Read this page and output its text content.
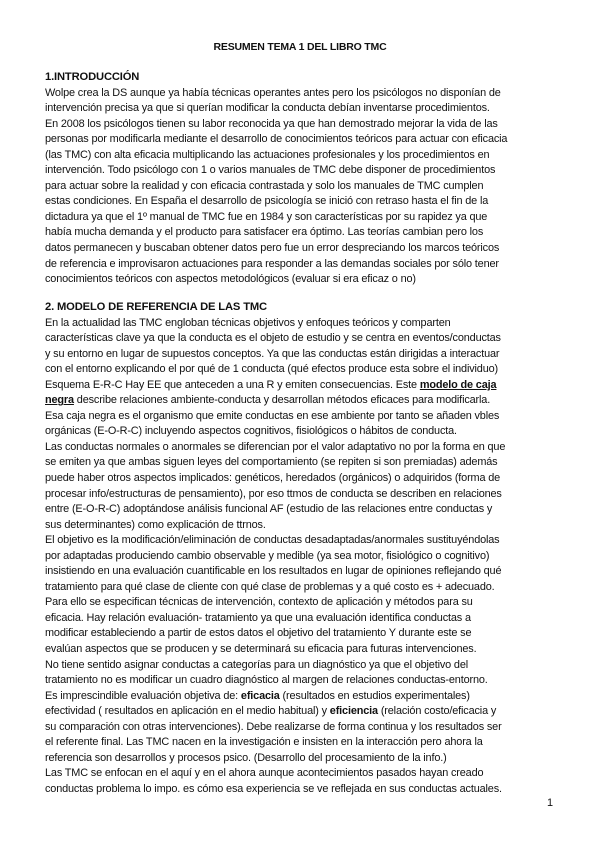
RESUMEN TEMA 1 DEL LIBRO TMC

1.INTRODUCCIÓN

Wolpe crea la DS aunque ya había técnicas operantes antes pero los psicólogos no disponían de

intervención precisa ya que si querían modificar la conducta debían inventarse procedimientos.

En 2008 los psicólogos tienen su labor reconocida ya que han demostrado mejorar la vida de las

personas por modificarla mediante el desarrollo de conocimientos teóricos para actuar con eficacia

(las TMC) con alta eficacia multiplicando las actuaciones profesionales y los procedimientos en

intervención. Todo psicólogo con 1 o varios manuales de TMC debe disponer de procedimientos

para actuar sobre la realidad y con eficacia contrastada y solo los manuales de TMC cumplen

estas condiciones. En España el desarrollo de psicología se inició con retraso hasta el fin de la

dictadura ya que el 1º manual de TMC fue en 1984 y son características por su rapidez ya que

había mucha demanda y el producto para satisfacer era óptimo. Las teorías cambian pero los

datos permanecen y buscaban obtener datos pero fue un error despreciando los marcos teóricos

de referencia e improvisaron actuaciones para responder a las demandas sociales por sólo tener

conocimientos teóricos con aspectos metodológicos (evaluar si era eficaz o no)

2. MODELO DE REFERENCIA DE LAS TMC

En la actualidad las TMC engloban técnicas objetivos y enfoques teóricos y comparten

características clave ya que la conducta es el objeto de estudio y se centra en eventos/conductas

y su entorno en lugar de supuestos conceptos. Ya que las conductas están dirigidas a interactuar

con el entorno explicando el por qué de 1 conducta (qué efectos produce esta sobre el individuo)

Esquema E-R-C Hay EE que anteceden a una R y emiten consecuencias. Este modelo de caja

negra describe relaciones ambiente-conducta y desarrollan métodos eficaces para modificarla.

Esa caja negra es el organismo que emite conductas en ese ambiente por tanto se añaden vbles

orgánicas (E-O-R-C) incluyendo aspectos cognitivos, fisiológicos o hábitos de conducta.

Las conductas normales o anormales se diferencian por el valor adaptativo no por la forma en que

se emiten ya que ambas siguen leyes del comportamiento (se repiten si son premiadas) además

puede haber otros aspectos implicados: genéticos, heredados (orgánicos) o adquiridos (forma de

procesar info/estructuras de pensamiento), por eso ttmos de conducta se describen en relaciones

entre (E-O-R-C) adoptándose análisis funcional AF (estudio de las relaciones entre conductas y

sus determinantes) como explicación de ttrnos.

El objetivo es la modificación/eliminación de conductas desadaptadas/anormales sustituyéndolas

por adaptadas produciendo cambio observable y medible (ya sea motor, fisiológico o cognitivo)

insistiendo en una evaluación cuantificable en los resultados en lugar de opiniones reflejando qué

tratamiento para qué clase de cliente con qué clase de problemas y a qué costo es + adecuado.

Para ello se especifican técnicas de intervención, contexto de aplicación y métodos para su

eficacia. Hay relación evaluación- tratamiento ya que una evaluación identifica conductas a

modificar estableciendo a partir de estos datos el objetivo del tratamiento Y durante este se

evalúan aspectos que se producen y se determinará su eficacia para futuras intervenciones.

No tiene sentido asignar conductas a categorías para un diagnóstico ya que el objetivo del

tratamiento no es modificar un cuadro diagnóstico al margen de relaciones conductas-entorno.

Es imprescindible evaluación objetiva de: eficacia (resultados en estudios experimentales)

efectividad ( resultados en aplicación en el medio habitual) y eficiencia (relación costo/eficacia y

su comparación con otras intervenciones). Debe realizarse de forma continua y los resultados ser

el referente final. Las TMC nacen en la investigación e insisten en la interacción pero ahora la

referencia son desarrollos y procesos psico. (Desarrollo del procesamiento de la info.)

Las TMC se enfocan en el aquí y en el ahora aunque acontecimientos pasados hayan creado

conductas problema lo impo. es cómo esa experiencia se ve reflejada en sus conductas actuales.

1
